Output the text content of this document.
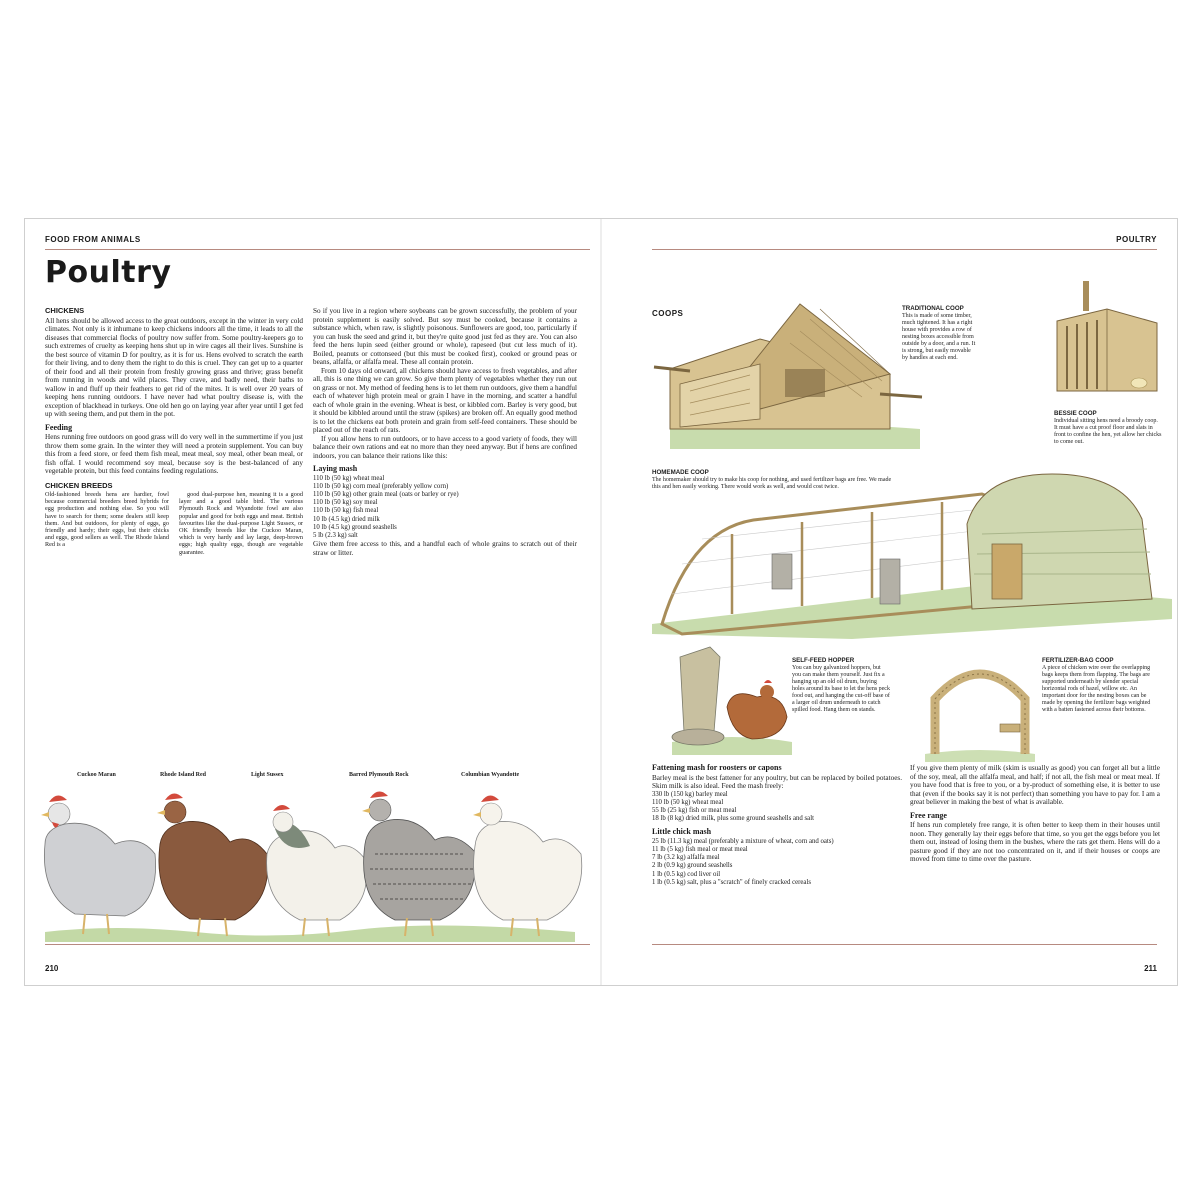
FOOD FROM ANIMALS
Poultry
CHICKENS

All hens should be allowed access to the great outdoors, except in the winter in very cold climates. Not only is it inhumane to keep chickens indoors all the time, it leads to all the diseases that commercial flocks of poultry now suffer from. Some poultry-keepers go to such extremes of cruelty as keeping hens shut up in wire cages all their lives. Sunshine is the best source of vitamin D for poultry, as it is for us. Hens evolved to scratch the earth for their living, and to deny them the right to do this is cruel. They can get up to a quarter of their food and all their protein from freshly growing grass and thrive; grass benefit from running in woods and wild places. They crave, and badly need, their baths to wallow in and fluff up their feathers to get rid of the mites. It is well over 20 years of keeping hens running outdoors. I have never had what poultry disease is, with the exception of blackhead in turkeys. One old hen go on laying year after year until I get fed up with seeing them, and put them in the pot.

Feeding

Hens running free outdoors on good grass will do very well in the summertime if you just throw them some grain. In the winter they will need a protein supplement. You can buy this from a feed store, or feed them fish meal, meat meal, soy meal, other bean meal, or fish offal. I would recommend soy meal, because soy is the best-balanced of any vegetable protein, but this feed contains feeding regulations.

CHICKEN BREEDS

Old-fashioned breeds hens are hardier, fowl because commercial breeders breed hybrids for egg production and nothing else. So you will have to search for them; some dealers still keep them. And but outdoors, for plenty of eggs, go friendly and hardy; their eggs, but their chicks and eggs, good sellers as well. The Rhode Island Red is a

good dual-purpose hen, meaning it is a good layer and a good table bird. The various Plymouth Rock and Wyandotte fowl are also popular and good for both eggs and meat. British favourites like the dual-purpose Light Sussex, or OK friendly breeds like the Cuckoo Maran, which is very hardy and lay large, deep-brown eggs; high quality eggs, though are vegetable guarantee.

So if you live in a region where soybeans can be grown successfully, the problem of your protein supplement is easily solved. But soy must be cooked, because it contains a substance which, when raw, is slightly poisonous. Sunflowers are good, too, particularly if you can husk the seed and grind it, but they're quite good just fed as they are. You can also feed the hens lupin seed (either ground or whole), rapeseed (but cut less much of it). Boiled, peanuts or cottonseed (but this must be cooked first), cooked or ground peas or beans, alfalfa, or alfalfa meal. These all contain protein.

From 10 days old onward, all chickens should have access to fresh vegetables, and after all, this is one thing we can grow. So give them plenty of vegetables whether they run out on grass or not. My method of feeding hens is to let them run outdoors, give them a handful each of whatever high protein meal or grain I have in the morning, and scatter a handful each of whole grain in the evening. Wheat is best, or kibbled corn. Barley is very good, but it should be kibbled around until the straw (spikes) are broken off. An equally good method is to let the chickens eat both protein and grain from self-feed containers. These should be placed out of the reach of rats.

If you allow hens to run outdoors, or to have access to a good variety of foods, they will balance their own rations and eat no more than they need anyway. But if hens are confined indoors, you can balance their rations like this:

Laying mash
110 lb (50 kg) wheat meal
110 lb (50 kg) corn meal (preferably yellow corn)
110 lb (50 kg) other grain meal (oats or barley or rye)
110 lb (50 kg) soy meal
110 lb (50 kg) fish meal
10 lb (4.5 kg) dried milk
10 lb (4.5 kg) ground seashells
5 lb (2.3 kg) salt

Give them free access to this, and a handful each of whole grains to scratch out of their straw or litter.

Cuckoo Maran	Rhode Island Red	Light Sussex	Barred Plymouth Rock	Columbian Wyandotte
210
POULTRY
COOPS
TRADITIONAL COOP
This is made of some timber, much tightened. It has a right house with provides a row of nesting boxes accessible from outside by a door, and a run. It is strong, but easily movable by handles at each end.
BESSIE COOP
Individual sitting hens need a broody coop. It must have a cut proof floor and slats in front to confine the hen, yet allow her chicks to come out.
HOMEMADE COOP
The homemaker should try to make his coop for nothing, and used fertilizer bags are free. We made this and hen easily working. There would work as well, and would cost twice.
SELF-FEED HOPPER
You can buy galvanized hoppers, but you can make them yourself. Just fix a hanging up an old oil drum, buying holes around its base to let the hens peck food out, and hanging the cut-off base of a larger oil drum underneath to catch spilled food. Hang them on stands.
FERTILIZER-BAG COOP
A piece of chicken wire over the overlapping bags keeps them from flapping. The bags are supported underneath by slender special horizontal rods of hazel, willow etc. An important door for the nesting boxes can be made by opening the fertilizer bags weighted with a batten fastened across their bottoms.
Fattening mash for roosters or capons

Barley meal is the best fattener for any poultry, but can be replaced by boiled potatoes. Skim milk is also ideal. Feed the mash freely:

330 lb (150 kg) barley meal
110 lb (50 kg) wheat meal
55 lb (25 kg) fish or meat meal
18 lb (8 kg) dried milk, plus some ground seashells and salt
Little chick mash
25 lb (11.3 kg) meal (preferably a mixture of wheat, corn and oats)
11 lb (5 kg) fish meal or meat meal
7 lb (3.2 kg) alfalfa meal
2 lb (0.9 kg) ground seashells
1 lb (0.5 kg) cod liver oil
1 lb (0.5 kg) salt, plus a "scratch" of finely cracked cereals

If you give them plenty of milk (skim is usually as good) you can forget all but a little of the soy, meal, all the alfalfa meal, and half; if not all, the fish meal or meat meal. If you have food that is free to you, or a by-product of something else, it is better to use that (even if the books say it is not perfect) than something you have to pay for. I am a great believer in making the best of what is available.

Free range

If hens run completely free range, it is often better to keep them in their houses until noon. They generally lay their eggs before that time, so you get the eggs before you let them out, instead of losing them in the bushes, where the rats get them. Hens will do a pasture good if they are not too concentrated on it, and if their houses or coops are moved from time to time over the pasture.

211
